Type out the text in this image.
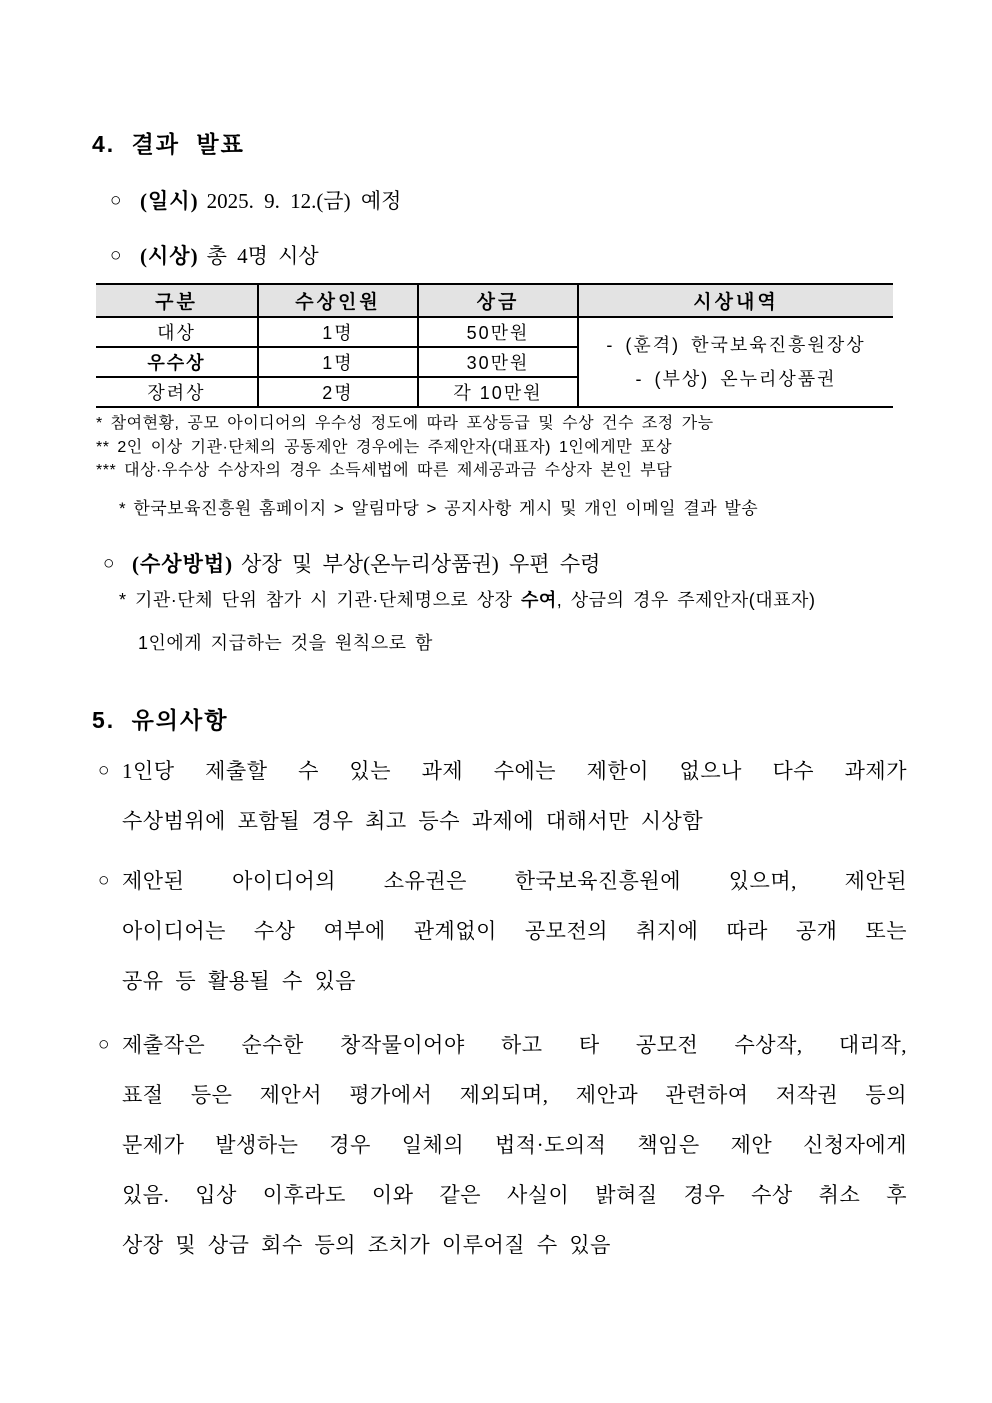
4. 결과 발표
○ (일시) 2025. 9. 12.(금) 예정
○ (시상) 총 4명 시상
구분	수상인원	상금	시상내역
대상	1명	50만원	- (훈격) 한국보육진흥원장상
- (부상) 온누리상품권

우수상	1명	30만원	
장려상	2명	각 10만원	
* 참여현황, 공모 아이디어의 우수성 정도에 따라 포상등급 및 수상 건수 조정 가능
** 2인 이상 기관·단체의 공동제안 경우에는 주제안자(대표자) 1인에게만 포상
*** 대상·우수상 수상자의 경우 소득세법에 따른 제세공과금 수상자 본인 부담
* 한국보육진흥원 홈페이지 > 알림마당 > 공지사항 게시 및 개인 이메일 결과 발송
○ (수상방법) 상장 및 부상(온누리상품권) 우편 수령
* 기관·단체 단위 참가 시 기관·단체명으로 상장 수여, 상금의 경우 주제안자(대표자)
1인에게 지급하는 것을 원칙으로 함
5. 유의사항
○ 1인당 제출할 수 있는 과제 수에는 제한이 없으나 다수 과제가
수상범위에 포함될 경우 최고 등수 과제에 대해서만 시상함
○ 제안된 아이디어의 소유권은 한국보육진흥원에 있으며, 제안된
아이디어는 수상 여부에 관계없이 공모전의 취지에 따라 공개 또는
공유 등 활용될 수 있음
○ 제출작은 순수한 창작물이어야 하고 타 공모전 수상작, 대리작,
표절 등은 제안서 평가에서 제외되며, 제안과 관련하여 저작권 등의
문제가 발생하는 경우 일체의 법적·도의적 책임은 제안 신청자에게
있음. 입상 이후라도 이와 같은 사실이 밝혀질 경우 수상 취소 후
상장 및 상금 회수 등의 조치가 이루어질 수 있음
